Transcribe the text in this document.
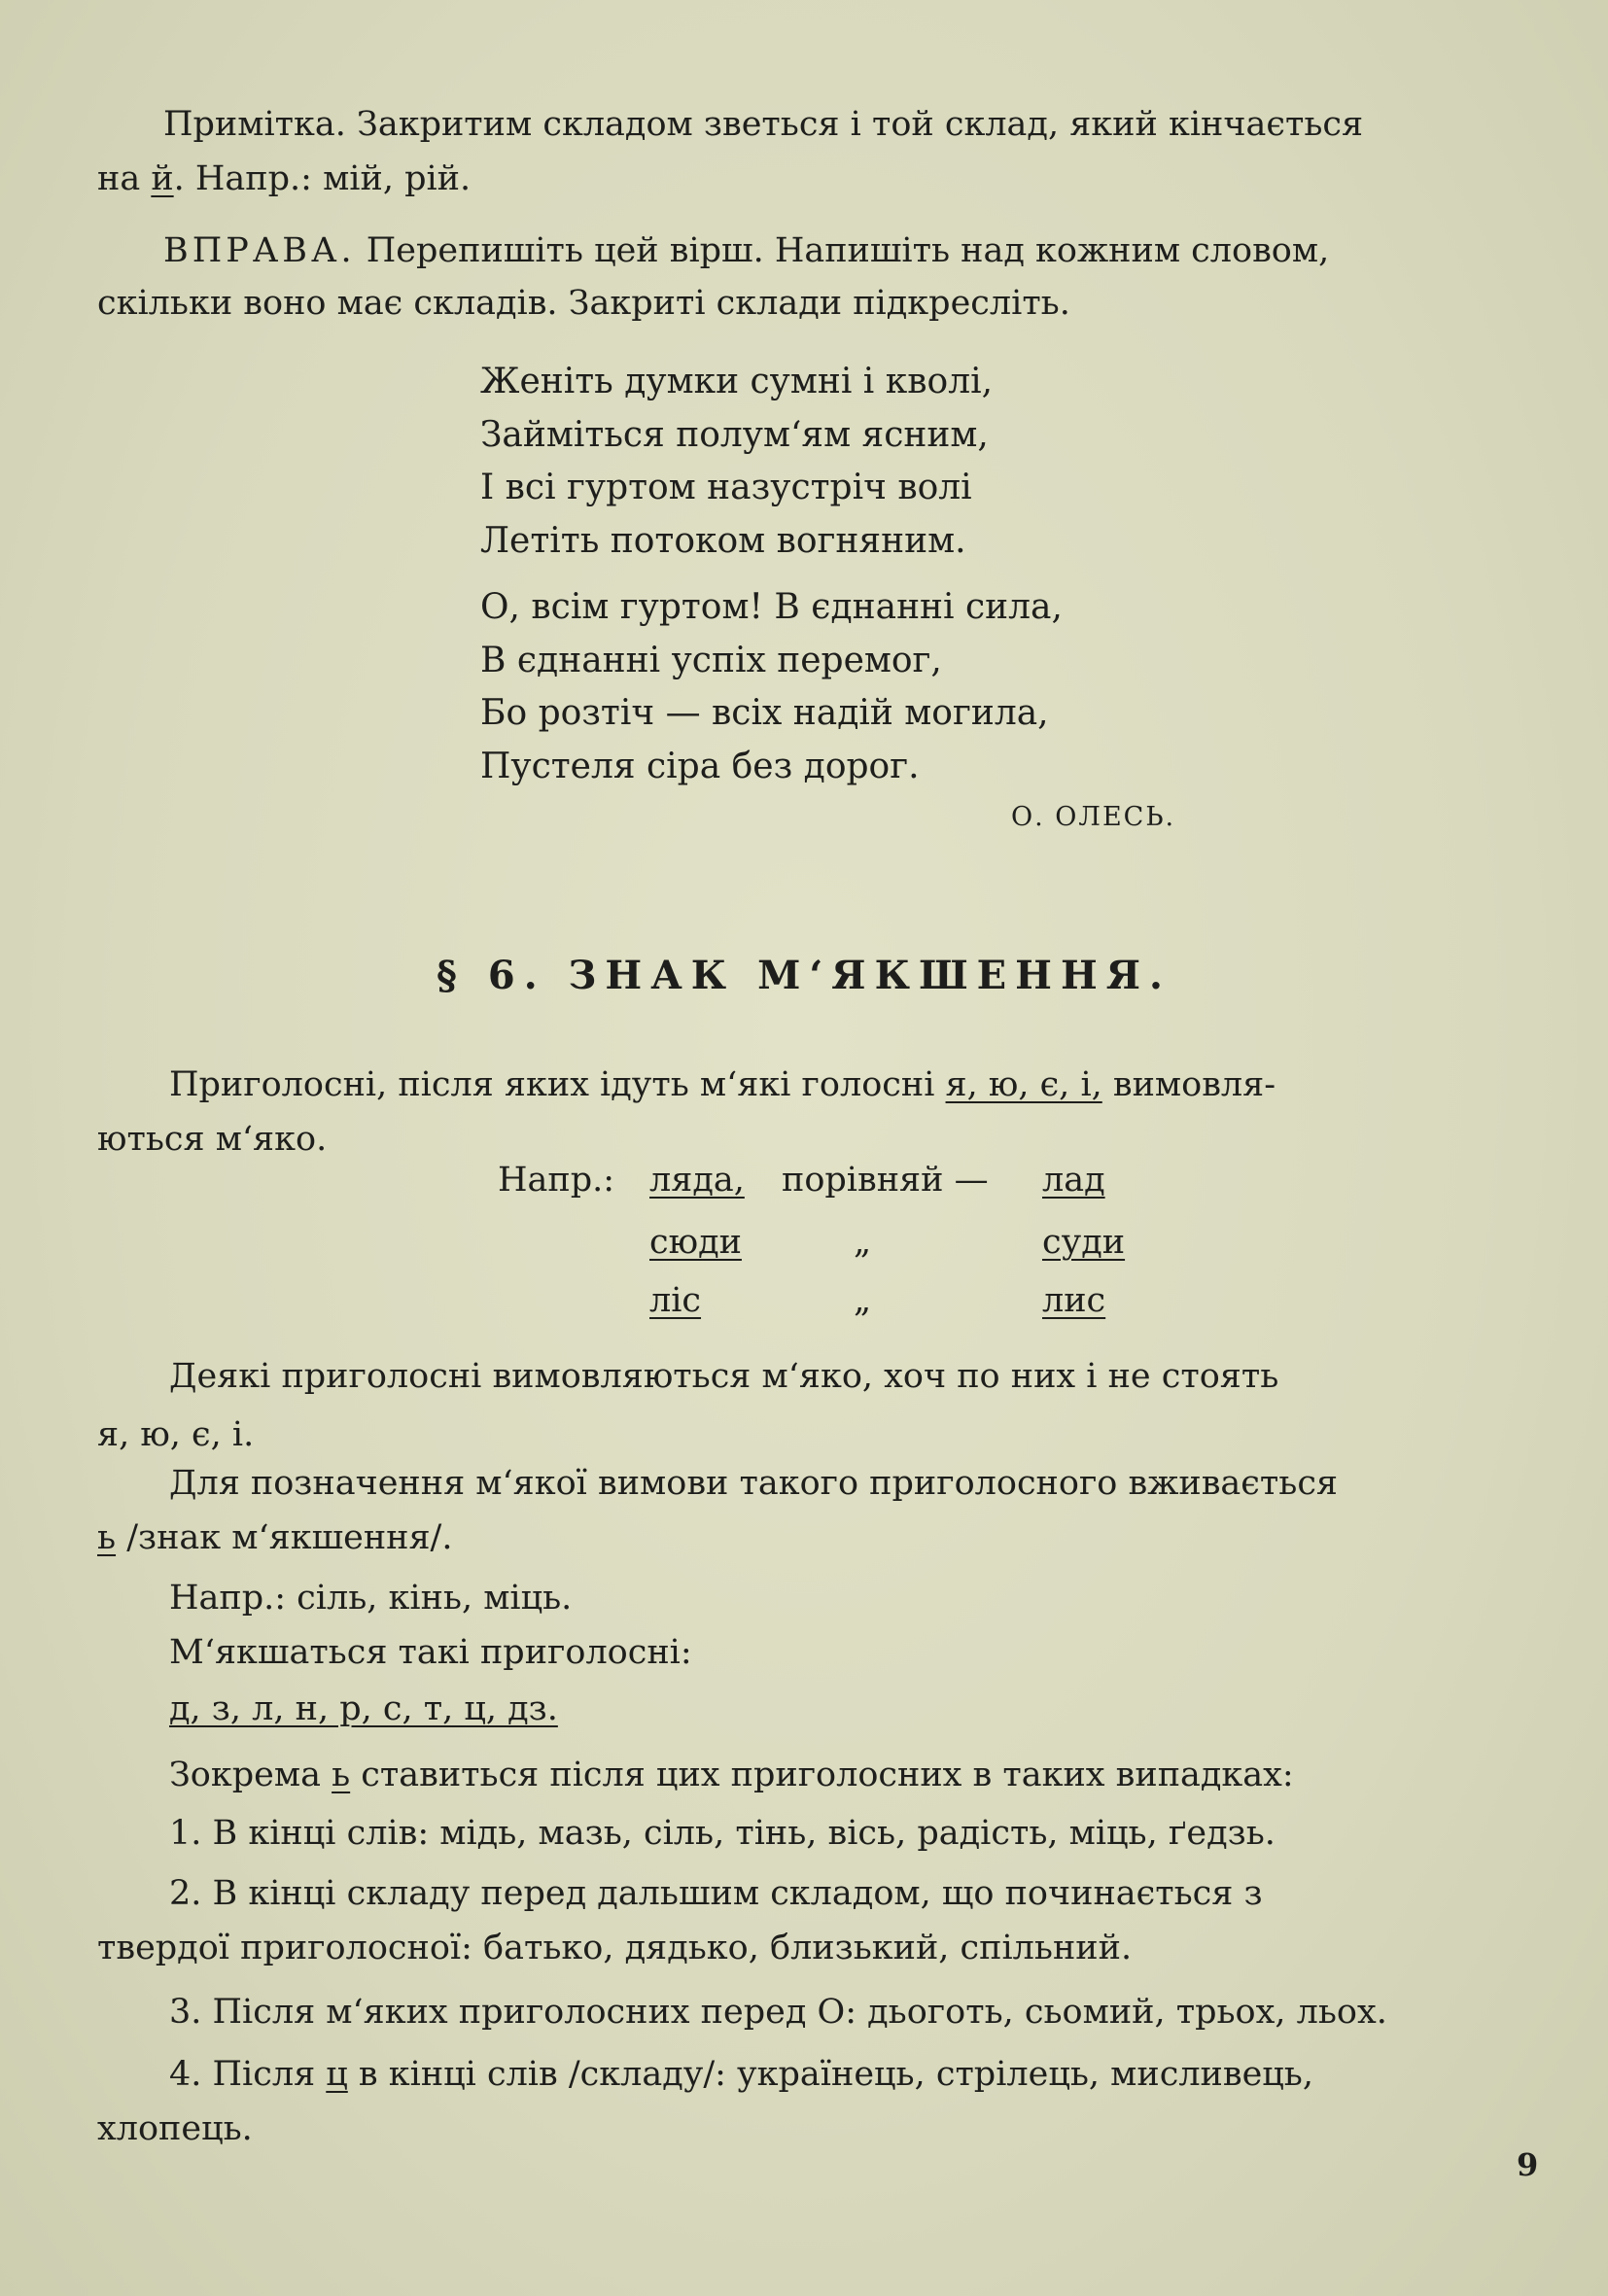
Примітка. Закритим складом зветься і той склад, який кінчається
на й. Напр.: мій, рій.
ВПРАВА. Перепишіть цей вірш. Напишіть над кожним словом,
скільки воно має складів. Закриті склади підкресліть.
Женіть думки сумні і кволі,
Займіться полум‘ям ясним,
І всі гуртом назустріч волі
Летіть потоком вогняним.
О, всім гуртом! В єднанні сила,
В єднанні успіх перемог,
Бо розтіч — всіх надій могила,
Пустеля сіра без дорог.
О. ОЛЕСЬ.
§ 6. ЗНАК М‘ЯКШЕННЯ.
Приголосні, після яких ідуть м‘які голосні я, ю, є, і, вимовля-
ються м‘яко.
Напр.: ляда, порівняй — лад
сюди	„	суди
ліс	„	лис
Деякі приголосні вимовляються м‘яко, хоч по них і не стоять
я, ю, є, і.
Для позначення м‘якої вимови такого приголосного вживається
ь /знак м‘якшення/.
Напр.: сіль, кінь, міць.
М‘якшаться такі приголосні:
д, з, л, н, р, с, т, ц, дз.
Зокрема ь ставиться після цих приголосних в таких випадках:
1. В кінці слів: мідь, мазь, сіль, тінь, вісь, радість, міць, ґедзь.
2. В кінці складу перед дальшим складом, що починається з
твердої приголосної: батько, дядько, близький, спільний.
3. Після м‘яких приголосних перед О: дьоготь, сьомий, трьох, льох.
4. Після ц в кінці слів /складу/: українець, стрілець, мисливець,
хлопець.
9
